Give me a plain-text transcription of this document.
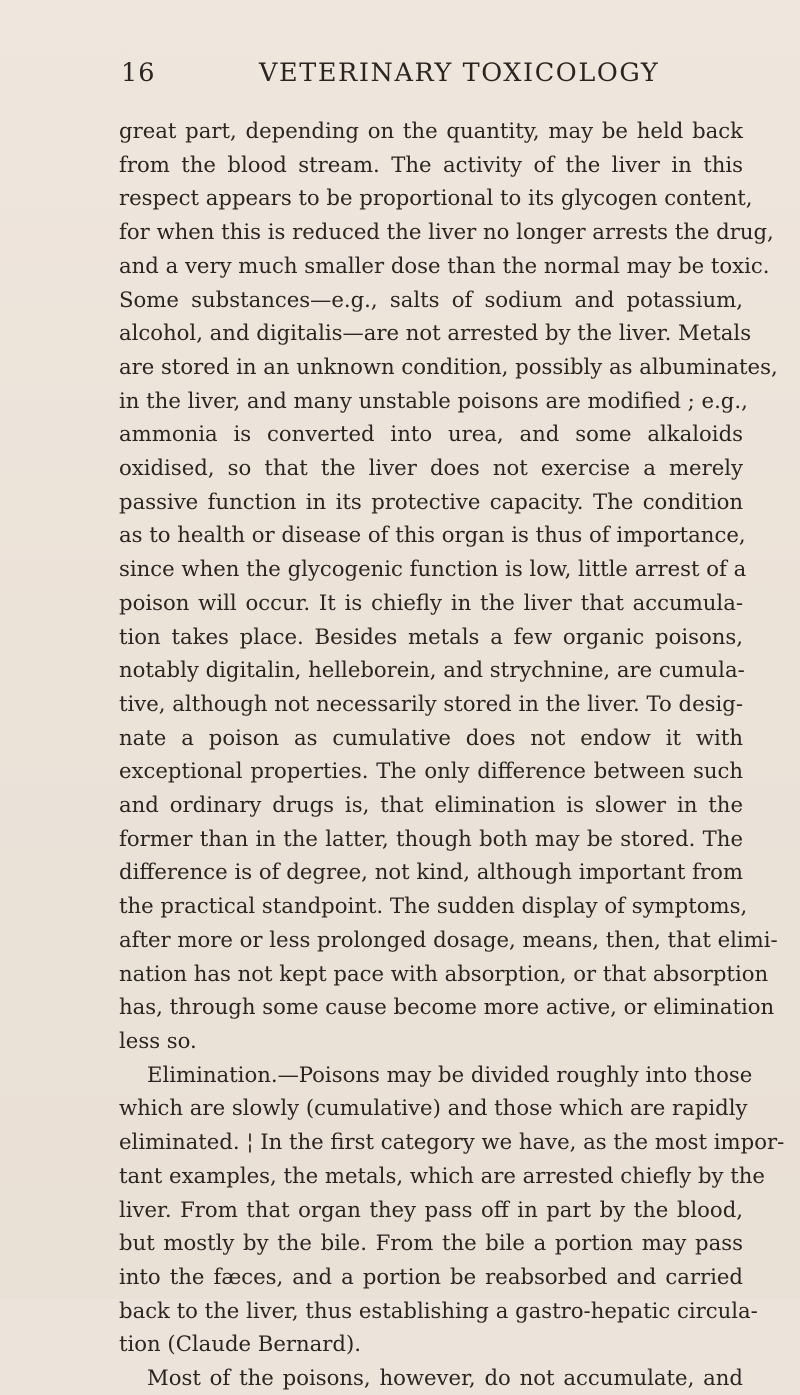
16	VETERINARY TOXICOLOGY
great part, depending on the quantity, may be held back
from the blood stream. The activity of the liver in this
respect appears to be proportional to its glycogen content,
for when this is reduced the liver no longer arrests the drug,
and a very much smaller dose than the normal may be toxic.
Some substances—e.g., salts of sodium and potassium,
alcohol, and digitalis—are not arrested by the liver. Metals
are stored in an unknown condition, possibly as albuminates,
in the liver, and many unstable poisons are modified ; e.g.,
ammonia is converted into urea, and some alkaloids
oxidised, so that the liver does not exercise a merely
passive function in its protective capacity. The condition
as to health or disease of this organ is thus of importance,
since when the glycogenic function is low, little arrest of a
poison will occur. It is chiefly in the liver that accumula-
tion takes place. Besides metals a few organic poisons,
notably digitalin, helleborein, and strychnine, are cumula-
tive, although not necessarily stored in the liver. To desig-
nate a poison as cumulative does not endow it with
exceptional properties. The only difference between such
and ordinary drugs is, that elimination is slower in the
former than in the latter, though both may be stored. The
difference is of degree, not kind, although important from
the practical standpoint. The sudden display of symptoms,
after more or less prolonged dosage, means, then, that elimi-
nation has not kept pace with absorption, or that absorption
has, through some cause become more active, or elimination
less so.
Elimination.—Poisons may be divided roughly into those
which are slowly (cumulative) and those which are rapidly
eliminated. ¦ In the first category we have, as the most impor-
tant examples, the metals, which are arrested chiefly by the
liver. From that organ they pass off in part by the blood,
but mostly by the bile. From the bile a portion may pass
into the fæces, and a portion be reabsorbed and carried
back to the liver, thus establishing a gastro-hepatic circula-
tion (Claude Bernard).
Most of the poisons, however, do not accumulate, and
